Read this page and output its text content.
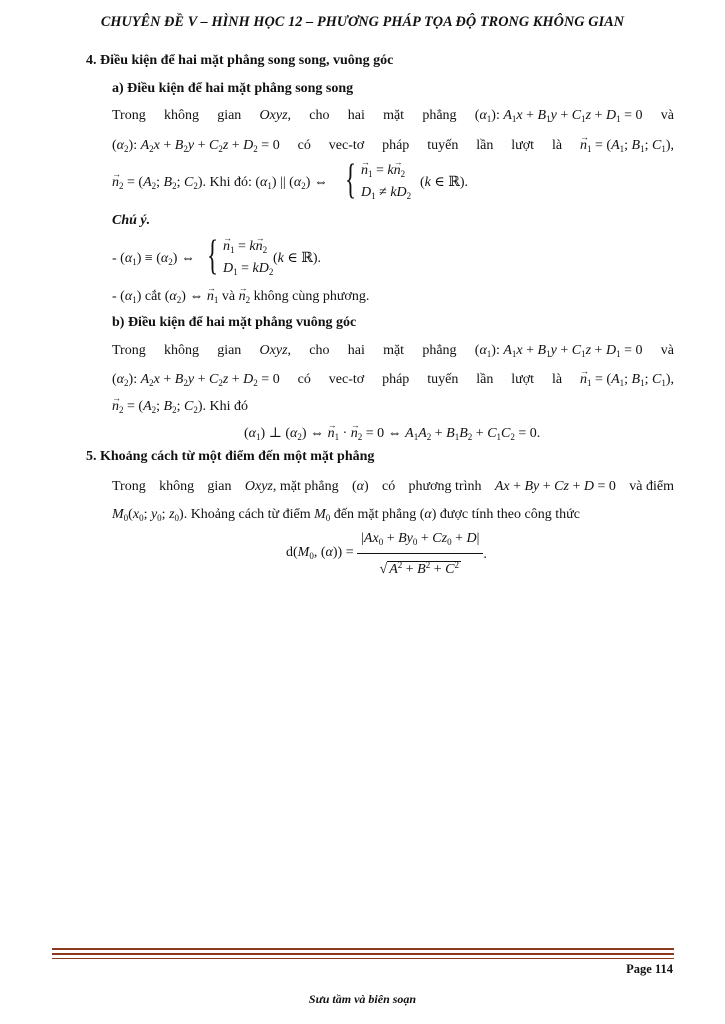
CHUYÊN ĐỀ V – HÌNH HỌC 12 – PHƯƠNG PHÁP TỌA ĐỘ TRONG KHÔNG GIAN
4. Điều kiện để hai mặt phẳng song song, vuông góc
a) Điều kiện để hai mặt phẳng song song
Trong không gian Oxyz, cho hai mặt phẳng $(\alpha_1)$: $A_1x + B_1y + C_1z + D_1 = 0$ và
$(\alpha_2)$: $A_2x + B_2y + C_2z + D_2 = 0$ có vec-tơ pháp tuyến lần lượt là → $n_1 = (A_1$; $B_1$; $C_1$),
→ $n_2 = (A_2$; $B_2$; $C_2$). Khi đó: $(\alpha_1)$ || $(\alpha_2)$ ⇔ { → $n_1 = k\to n_2$
$D_1 \ne kD_2$
(k ∈ ℝ).
Chú ý.
- $(\alpha_1) \equiv (\alpha_2)$ ⇔ { → $n_1 = k\to n_2$
$D_1 = kD_2$
(k ∈ ℝ).
- $(\alpha_1)$ cắt $(\alpha_2)$ ⇔ → $n_1$ và → $n_2$ không cùng phương.
b) Điều kiện để hai mặt phẳng vuông góc
Trong không gian Oxyz, cho hai mặt phẳng $(\alpha_1)$: $A_1x + B_1y + C_1z + D_1 = 0$ và
$(\alpha_2)$: $A_2x + B_2y + C_2z + D_2 = 0$ có vec-tơ pháp tuyến lần lượt là → $n_1 = (A_1$; $B_1$; $C_1$),
→ $n_2 = (A_2$; $B_2$; $C_2$). Khi đó
$(\alpha_1)$ ⊥ $(\alpha_2)$ ⇔ → $n_1$ · → $n_2 = 0$ ⇔ $A_1A_2 + B_1B_2 + C_1C_2 = 0$.
5. Khoảng cách từ một điểm đến một mặt phẳng
Trong không gian Oxyz, mặt phẳng (α) có phương trình Ax + By + Cz + D = 0 và điểm
$M_0(x_0$; $y_0$; $z_0$). Khoảng cách từ điểm $M_0$ đến mặt phẳng (α) được tính theo công thức
$d(M_0$, $(\alpha)) = \frac{|Ax_0 + By_0 + Cz_0 + D|}{√ A^2 + B^2 + C^2}$ .
Page 114
Sưu tầm và biên soạn
